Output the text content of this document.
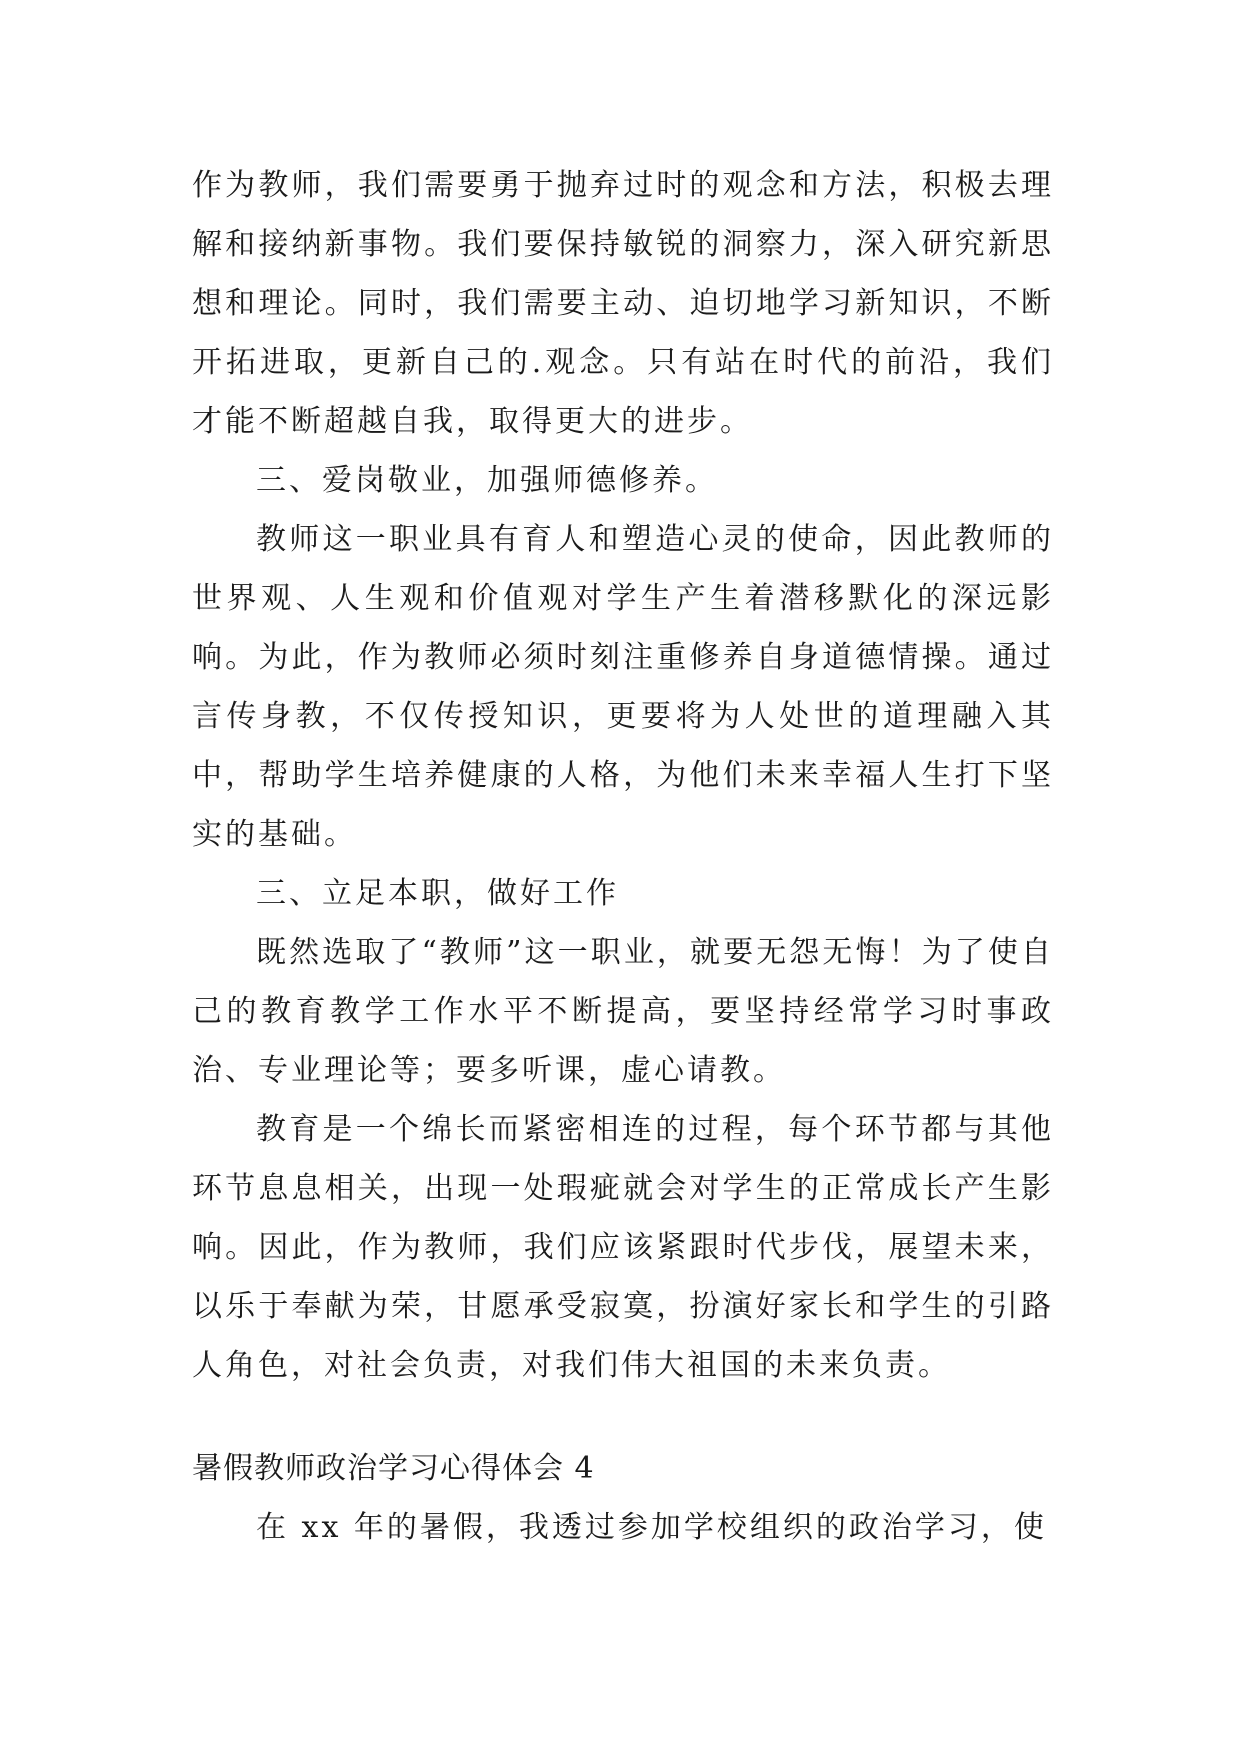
作为教师，我们需要勇于抛弃过时的观念和方法，积极去理解和接纳新事物。我们要保持敏锐的洞察力，深入研究新思想和理论。同时，我们需要主动、迫切地学习新知识，不断开拓进取，更新自己的.观念。只有站在时代的前沿，我们才能不断超越自我，取得更大的进步。

三、爱岗敬业，加强师德修养。

教师这一职业具有育人和塑造心灵的使命，因此教师的世界观、人生观和价值观对学生产生着潜移默化的深远影响。为此，作为教师必须时刻注重修养自身道德情操。通过言传身教，不仅传授知识，更要将为人处世的道理融入其中，帮助学生培养健康的人格，为他们未来幸福人生打下坚实的基础。

三、立足本职，做好工作

既然选取了“教师”这一职业，就要无怨无悔！为了使自己的教育教学工作水平不断提高，要坚持经常学习时事政治、专业理论等；要多听课，虚心请教。

教育是一个绵长而紧密相连的过程，每个环节都与其他环节息息相关，出现一处瑕疵就会对学生的正常成长产生影响。因此，作为教师，我们应该紧跟时代步伐，展望未来，以乐于奉献为荣，甘愿承受寂寞，扮演好家长和学生的引路人角色，对社会负责，对我们伟大祖国的未来负责。

暑假教师政治学习心得体会 4

在 xx 年的暑假，我透过参加学校组织的政治学习，使
